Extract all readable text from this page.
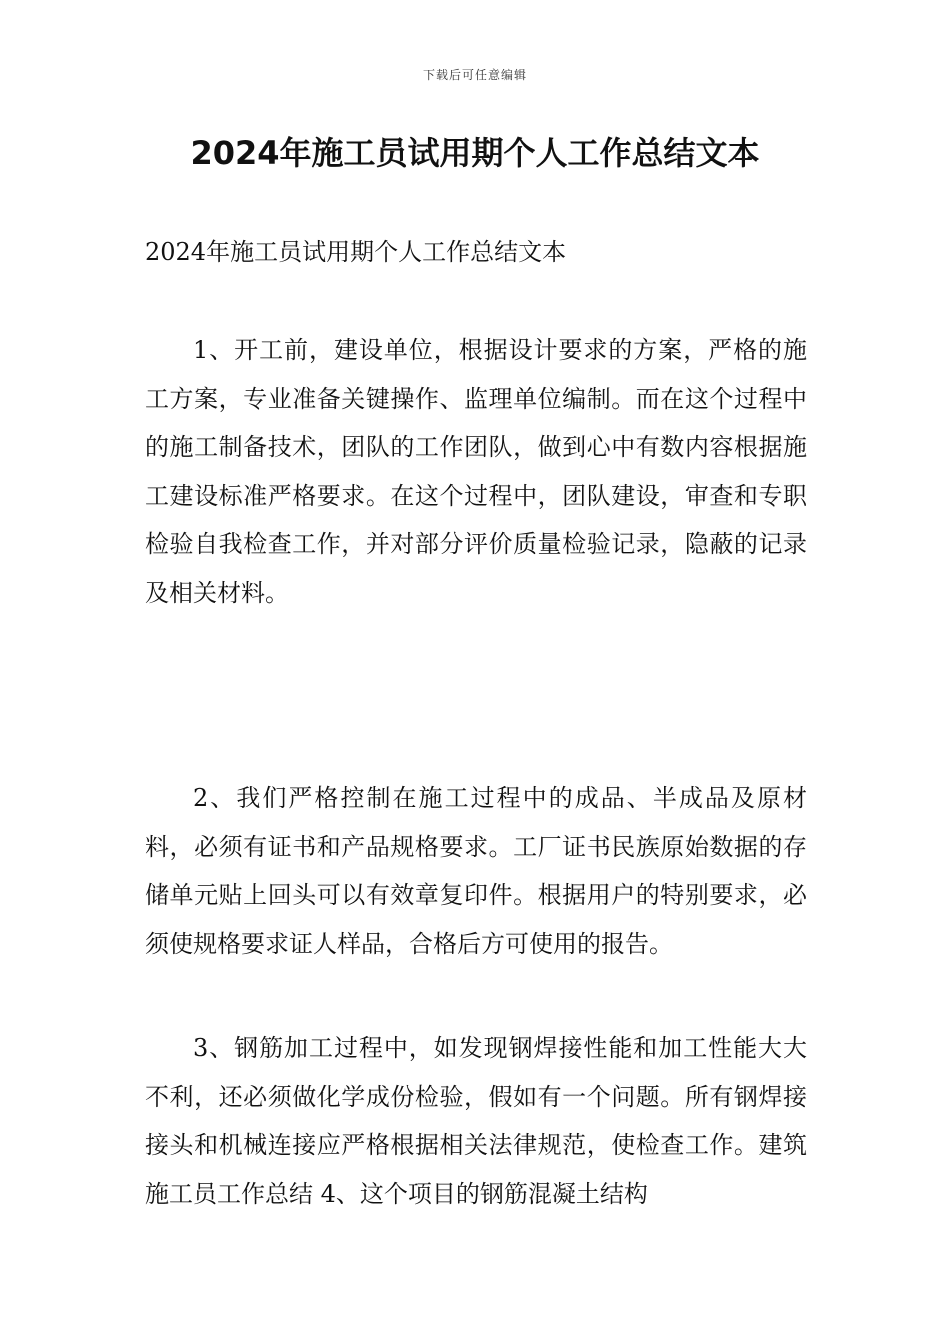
下载后可任意编辑
2024年施工员试用期个人工作总结文本

2024年施工员试用期个人工作总结文本

1、开工前，建设单位，根据设计要求的方案，严格的施工方案，专业准备关键操作、监理单位编制。而在这个过程中的施工制备技术，团队的工作团队，做到心中有数内容根据施工建设标准严格要求。在这个过程中，团队建设，审查和专职检验自我检查工作，并对部分评价质量检验记录，隐蔽的记录及相关材料。

2、我们严格控制在施工过程中的成品、半成品及原材料，必须有证书和产品规格要求。工厂证书民族原始数据的存储单元贴上回头可以有效章复印件。根据用户的特别要求，必须使规格要求证人样品，合格后方可使用的报告。

3、钢筋加工过程中，如发现钢焊接性能和加工性能大大不利，还必须做化学成份检验，假如有一个问题。所有钢焊接接头和机械连接应严格根据相关法律规范，使检查工作。建筑施工员工作总结 4、这个项目的钢筋混凝土结构
